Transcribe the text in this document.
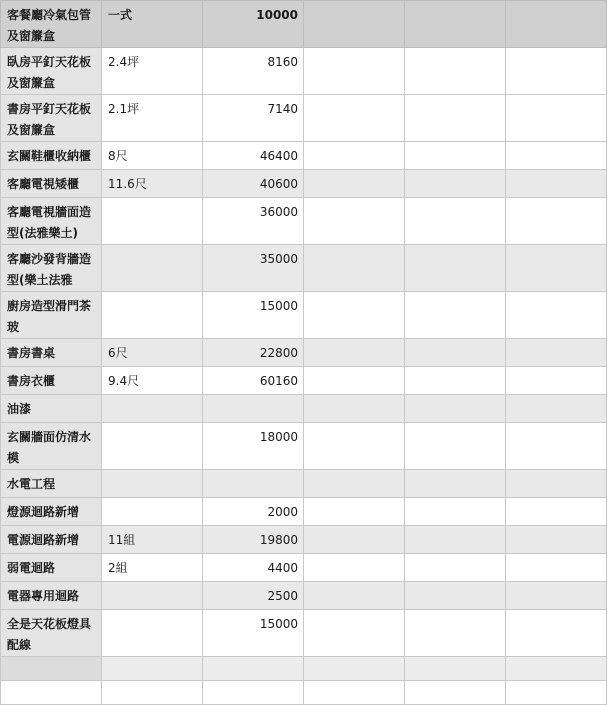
客餐廳冷氣包管及窗簾盒	一式	10000			
臥房平釘天花板及窗簾盒	2.4坪	8160			
書房平釘天花板及窗簾盒	2.1坪	7140			
玄關鞋櫃收納櫃	8尺	46400			
客廳電視矮櫃	11.6尺	40600			
客廳電視牆面造型(法雅樂土)		36000			
客廳沙發背牆造型(樂土法雅		35000			
廚房造型滑門茶玻		15000			
書房書桌	6尺	22800			
書房衣櫃	9.4尺	60160			
油漆					
玄關牆面仿清水模		18000			
水電工程					
燈源迴路新增		2000			
電源迴路新增	11組	19800			
弱電迴路	2組	4400			
電器專用迴路		2500			
全是天花板燈具配線		15000			
